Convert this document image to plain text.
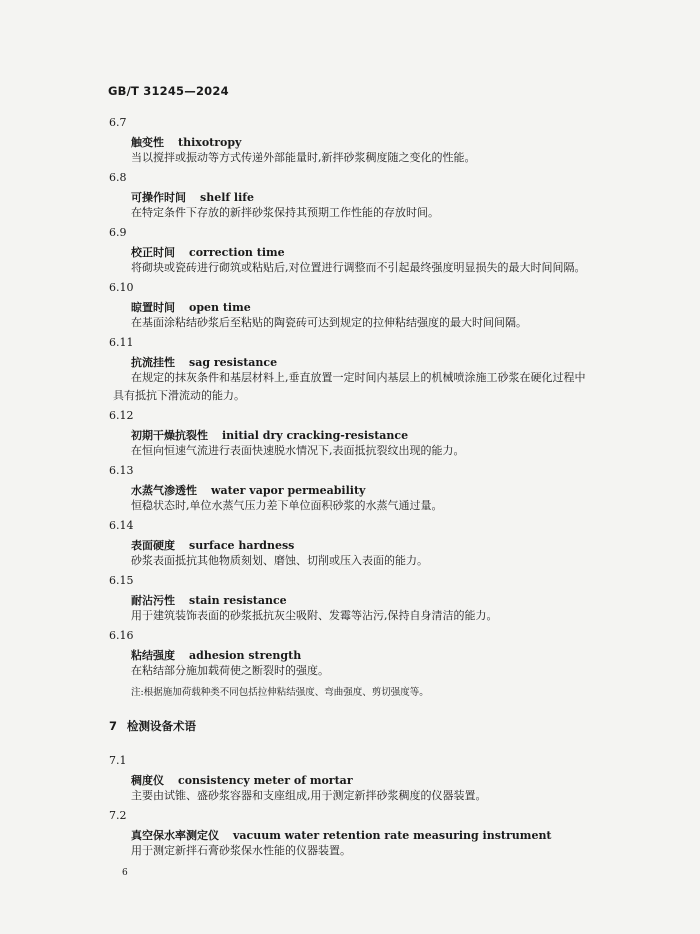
GB/T 31245—2024
6.7
触变性 thixotropy
当以搅拌或振动等方式传递外部能量时,新拌砂浆稠度随之变化的性能。
6.8
可操作时间 shelf life
在特定条件下存放的新拌砂浆保持其预期工作性能的存放时间。
6.9
校正时间 correction time
将砌块或瓷砖进行砌筑或粘贴后,对位置进行调整而不引起最终强度明显损失的最大时间间隔。
6.10
晾置时间 open time
在基面涂粘结砂浆后至粘贴的陶瓷砖可达到规定的拉伸粘结强度的最大时间间隔。
6.11
抗流挂性 sag resistance
在规定的抹灰条件和基层材料上,垂直放置一定时间内基层上的机械喷涂施工砂浆在硬化过程中
具有抵抗下滑流动的能力。
6.12
初期干燥抗裂性 initial dry cracking-resistance
在恒向恒速气流进行表面快速脱水情况下,表面抵抗裂纹出现的能力。
6.13
水蒸气渗透性 water vapor permeability
恒稳状态时,单位水蒸气压力差下单位面积砂浆的水蒸气通过量。
6.14
表面硬度 surface hardness
砂浆表面抵抗其他物质刻划、磨蚀、切削或压入表面的能力。
6.15
耐沾污性 stain resistance
用于建筑装饰表面的砂浆抵抗灰尘吸附、发霉等沾污,保持自身清洁的能力。
6.16
粘结强度 adhesion strength
在粘结部分施加载荷使之断裂时的强度。
注:根据施加荷载种类不同包括拉伸粘结强度、弯曲强度、剪切强度等。
7 检测设备术语
7.1
稠度仪 consistency meter of mortar
主要由试锥、盛砂浆容器和支座组成,用于测定新拌砂浆稠度的仪器装置。
7.2
真空保水率测定仪 vacuum water retention rate measuring instrument
用于测定新拌石膏砂浆保水性能的仪器装置。
6
